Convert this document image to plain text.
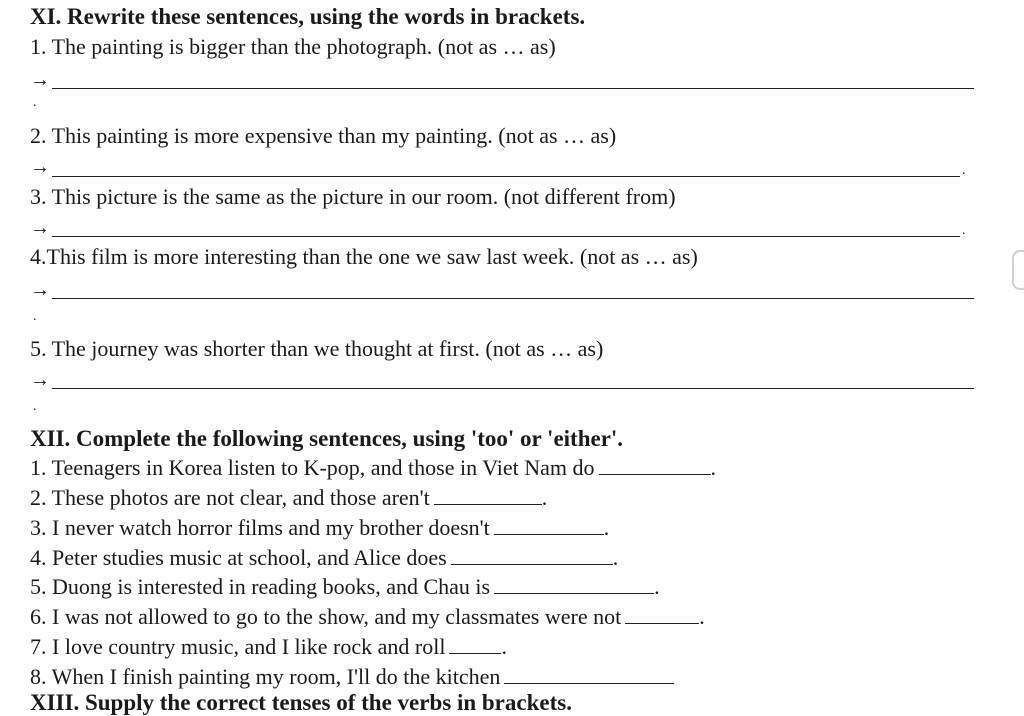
XI. Rewrite these sentences, using the words in brackets.
1. The painting is bigger than the photograph. (not as … as)
→
.
2. This painting is more expensive than my painting. (not as … as)
→	.
3. This picture is the same as the picture in our room. (not different from)
→	.
4.This film is more interesting than the one we saw last week. (not as … as)
→
.
5. The journey was shorter than we thought at first. (not as … as)
→
.
XII. Complete the following sentences, using 'too' or 'either'.
1. Teenagers in Korea listen to K-pop, and those in Viet Nam do	.
2. These photos are not clear, and those aren't	.
3. I never watch horror films and my brother doesn't	.
4. Peter studies music at school, and Alice does	.
5. Duong is interested in reading books, and Chau is	.
6. I was not allowed to go to the show, and my classmates were not	.
7. I love country music, and I like rock and roll	.
8. When I finish painting my room, I'll do the kitchen
XIII. Supply the correct tenses of the verbs in brackets.
